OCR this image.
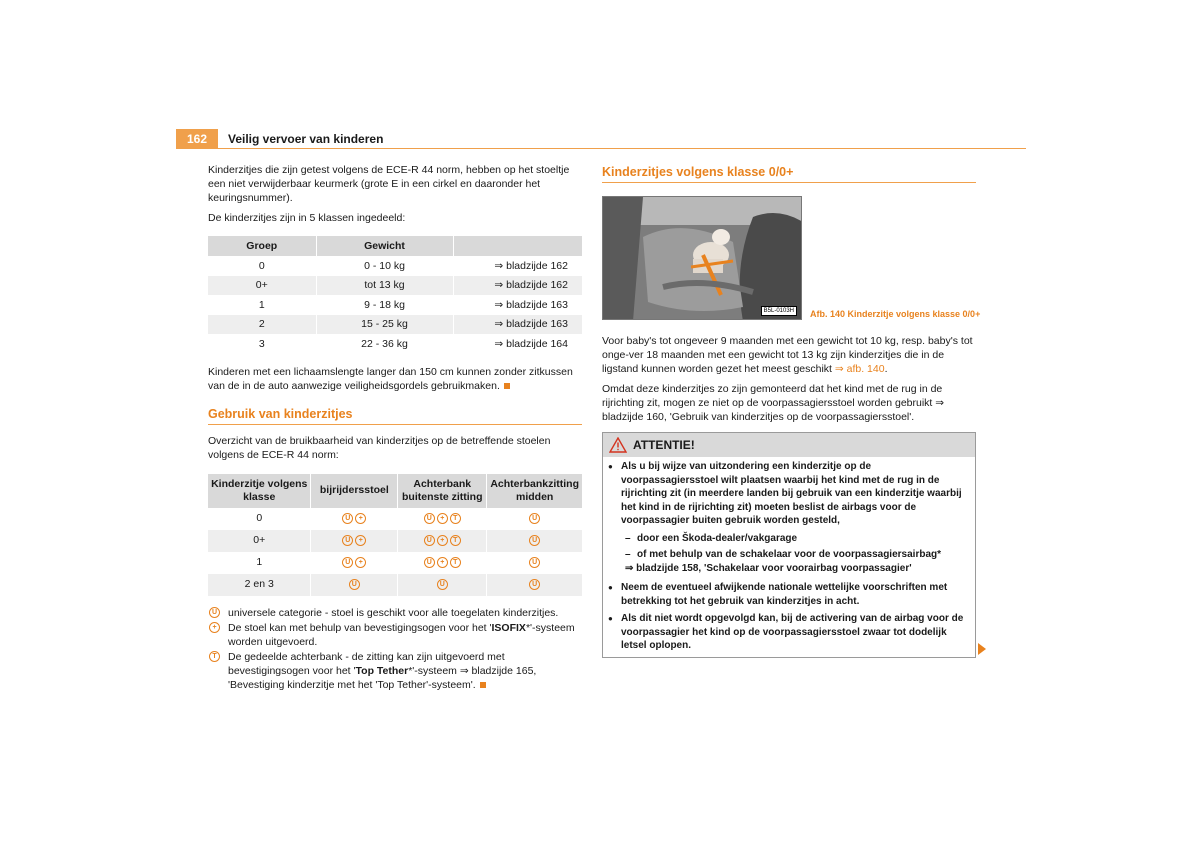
162	Veilig vervoer van kinderen

Kinderzitjes die zijn getest volgens de ECE-R 44 norm, hebben op het stoeltje een niet verwijderbaar keurmerk (grote E in een cirkel en daaronder het keuringsnummer).

De kinderzitjes zijn in 5 klassen ingedeeld:

Groep	Gewicht	
0	0 - 10 kg	⇒ bladzijde 162
0+	tot 13 kg	⇒ bladzijde 162
1	9 - 18 kg	⇒ bladzijde 163
2	15 - 25 kg	⇒ bladzijde 163
3	22 - 36 kg	⇒ bladzijde 164

Kinderen met een lichaamslengte langer dan 150 cm kunnen zonder zitkussen van de in de auto aanwezige veiligheidsgordels gebruikmaken.

Gebruik van kinderzitjes

Overzicht van de bruikbaarheid van kinderzitjes op de betreffende stoelen volgens de ECE-R 44 norm:

Kinderzitje volgens klasse	bijrijdersstoel	Achterbank buitenste zitting	Achterbankzitting midden
0	U +	U + T	U
0+	U +	U + T	U
1	U +	U + T	U
2 en 3	U	U	U
U universele categorie - stoel is geschikt voor alle toegelaten kinderzitjes.
+	De stoel kan met behulp van bevestigingsogen voor het 'ISOFIX*'-systeem worden uitgevoerd.
T	De gedeelde achterbank - de zitting kan zijn uitgevoerd met bevestigingsogen voor het 'Top Tether*'-systeem ⇒ bladzijde 165, 'Bevestiging kinderzitje met het 'Top Tether'-systeem'.
Kinderzitjes volgens klasse 0/0+
B5L-0103H	Afb. 140 Kinderzitje volgens klasse 0/0+

Voor baby's tot ongeveer 9 maanden met een gewicht tot 10 kg, resp. baby's tot onge-ver 18 maanden met een gewicht tot 13 kg zijn kinderzitjes die in de ligstand kunnen worden gezet het meest geschikt ⇒ afb. 140.

Omdat deze kinderzitjes zo zijn gemonteerd dat het kind met de rug in de rijrichting zit, mogen ze niet op de voorpassagiersstoel worden gebruikt ⇒ bladzijde 160, 'Gebruik van kinderzitjes op de voorpassagiersstoel'.

ATTENTIE!
● Als u bij wijze van uitzondering een kinderzitje op de voorpassagiersstoel wilt plaatsen waarbij het kind met de rug in de rijrichting zit (in meerdere landen bij gebruik van een kinderzitje waarbij het kind in de rijrichting zit) moeten beslist de airbags voor de voorpassagier buiten gebruik worden gesteld,
– door een Škoda-dealer/vakgarage
– of met behulp van de schakelaar voor de voorpassagiersairbag*
⇒ bladzijde 158, 'Schakelaar voor voorairbag voorpassagier'
● Neem de eventueel afwijkende nationale wettelijke voorschriften met betrekking tot het gebruik van kinderzitjes in acht.
● Als dit niet wordt opgevolgd kan, bij de activering van de airbag voor de voorpassagier het kind op de voorpassagiersstoel zwaar tot dodelijk letsel oplopen.
